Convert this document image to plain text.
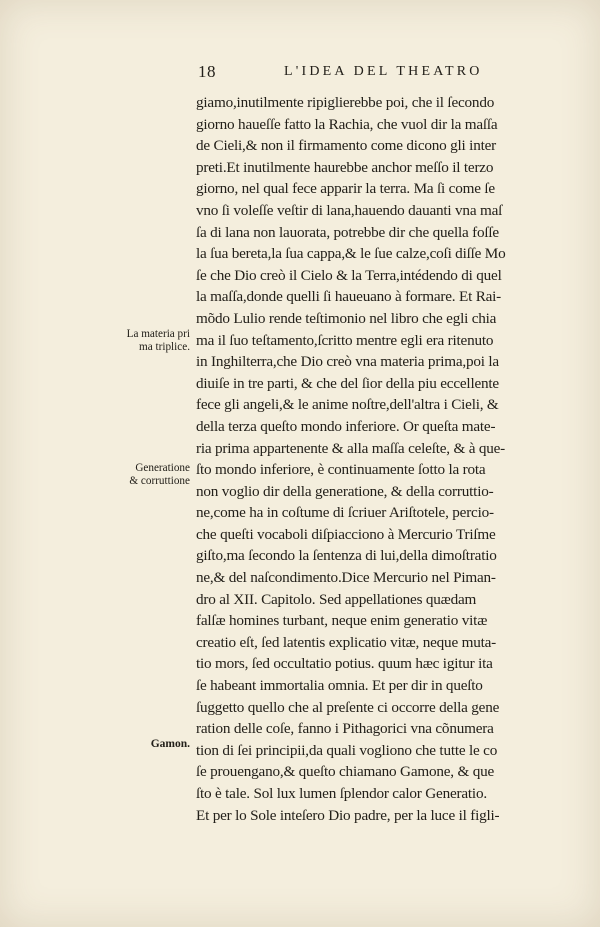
18	L'IDEA DEL THEATRO
La materia pri
ma triplice.
Generatione
& corruttione
Gamon.
giamo,inutilmente ripiglierebbe poi, che il ſecondo
giorno haueſſe fatto la Rachia, che vuol dir la maſſa
de Cieli,& non il firmamento come dicono gli inter
preti.Et inutilmente haurebbe anchor meſſo il terzo
giorno, nel qual fece apparir la terra. Ma ſi come ſe
vno ſi voleſſe veſtir di lana,hauendo dauanti vna maſ
ſa di lana non lauorata, potrebbe dir che quella foſſe
la ſua bereta,la ſua cappa,& le ſue calze,coſi diſſe Mo
ſe che Dio creò il Cielo & la Terra,intédendo di quel
la maſſa,donde quelli ſi haueuano à formare. Et Rai-
mõdo Lulio rende teſtimonio nel libro che egli chia
ma il ſuo teſtamento,ſcritto mentre egli era ritenuto
in Inghilterra,che Dio creò vna materia prima,poi la
diuiſe in tre parti, & che del ſior della piu eccellente
fece gli angeli,& le anime noſtre,dell'altra i Cieli, &
della terza queſto mondo inferiore. Or queſta mate-
ria prima appartenente & alla maſſa celeſte, & à que-
ſto mondo inferiore, è continuamente ſotto la rota
non voglio dir della generatione, & della corruttio-
ne,come ha in coſtume di ſcriuer Ariſtotele, percio-
che queſti vocaboli diſpiacciono à Mercurio Triſme
giſto,ma ſecondo la ſentenza di lui,della dimoſtratio
ne,& del naſcondimento.Dice Mercurio nel Piman-
dro al XII. Capitolo. Sed appellationes quædam
falſæ homines turbant, neque enim generatio vitæ
creatio eſt, ſed latentis explicatio vitæ, neque muta-
tio mors, ſed occultatio potius. quum hæc igitur ita
ſe habeant immortalia omnia. Et per dir in queſto
ſuggetto quello che al preſente ci occorre della gene
ration delle coſe, fanno i Pithagorici vna cõnumera
tion di ſei principii,da quali vogliono che tutte le co
ſe prouengano,& queſto chiamano Gamone, & que
ſto è tale. Sol lux lumen ſplendor calor Generatio.
Et per lo Sole inteſero Dio padre, per la luce il figli-
